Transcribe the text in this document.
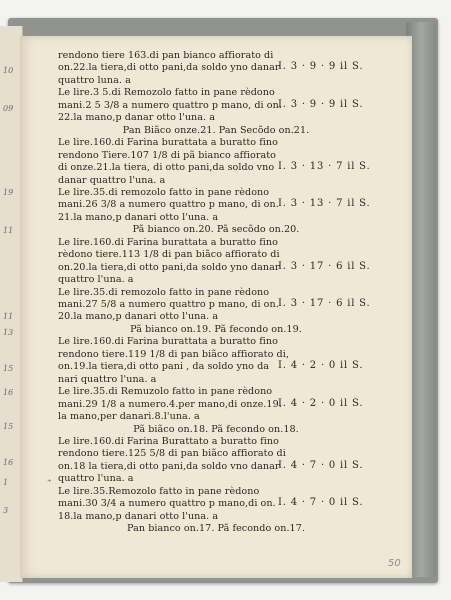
10
09
19
11
11
13
15
16
15
16
1
3
rendono tiere 163.di pan bianco affiorato di
on.22.la tiera,di otto pani,da soldo yno danar
I. 3 · 9 · 9 il S.
quattro luna. a
Le lire.3 5.di Remozolo fatto in pane rèdono
mani.2 5 3/8 a numero quattro p mano, di on.
I. 3 · 9 · 9 il S.
22.la mano,p danar otto l'una. a
Pan Biãco onze.21. Pan Secõdo on.21.
Le lire.160.di Farina burattata a buratto fino
rendono Tiere.107 1/8 di pã bianco affiorato
di onze.21.la tiera, di otto pani,da soldo vno I. 3 · 13 · 7 il S.
danar quattro l'una. a
Le lire.35.di remozolo fatto in pane rèdono
mani.26 3/8 a numero quattro p mano, di on. I. 3 · 13 · 7 il S.
21.la mano,p danari otto l'una. a
Pã bianco on.20. Pã secõdo on.20.
Le lire.160.di Farina burattata a buratto fino
rèdono tiere.113 1/8 di pan biãco affiorato di
on.20.la tiera,di otto pani,da soldo yno danar
I. 3 · 17 · 6 il S.
quattro l'una. a
Le lire.35.di remozolo fatto in pane rèdono
mani.27 5/8 a numero quattro p mano, di on. I. 3 · 17 · 6 il S.
20.la mano,p danari otto l'una. a
Pã bianco on.19. Pã fecondo on.19.
Le lire.160.di Farina burattata a buratto fino
rendono tiere.119 1/8 di pan biãco affiorato di,
on.19.la tiera,di otto pani , da soldo yno da I. 4 · 2 · 0 il S.
nari quattro l'una. a
Le lire.35.di Remuzolo fatto in pane rèdono
mani.29 1/8 a numero.4.per mano,di onze.19.
I. 4 · 2 · 0 il S.
la mano,per danari.8.l'una. a
Pã biãco on.18. Pã fecondo on.18.
Le lire.160.di Farina Burattato a buratto fino
rendono tiere.125 5/8 di pan biãco affiorato di
on.18 la tiera,di otto pani,da soldo vno danar
I. 4 · 7 · 0 il S.
quattro l'una. a
Le lire.35.Remozolo fatto in pane rèdono
mani.30 3/4 a numero quattro p mano,di on. I. 4 · 7 · 0 il S.
18.la mano,p danari otto l'una. a
Pan bianco on.17. Pã fecondo on.17.
⁺
50
